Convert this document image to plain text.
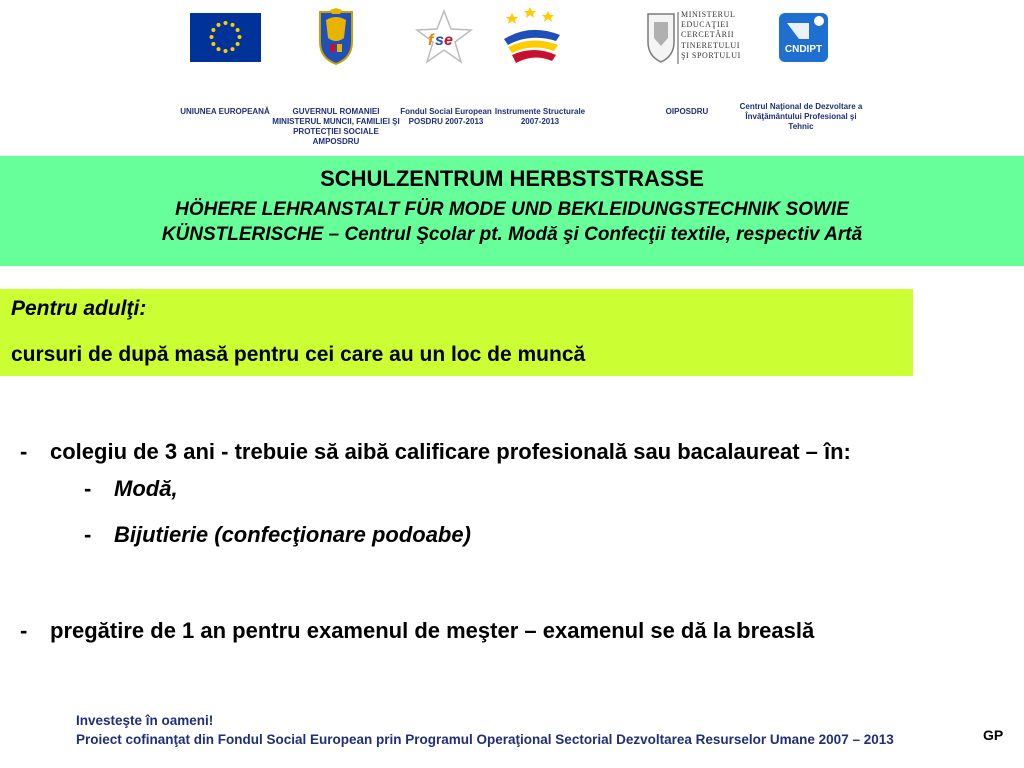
f s e
MINISTERUL
EDUCAŢIEI
CERCETĂRII
TINERETULUI
ŞI SPORTULUI
CNDIPT
UNIUNEA EUROPEANĂ	GUVERNUL ROMANIEI
MINISTERUL MUNCII, FAMILIEI ŞI
PROTECŢIEI SOCIALE
AMPOSDRU
Fondul Social European
POSDRU 2007-2013
Instrumente Structurale
2007-2013
OIPOSDRU
Centrul Naţional de Dezvoltare a
Învăţământului Profesional şi
Tehnic
SCHULZENTRUM HERBSTSTRASSE
HÖHERE LEHRANSTALT FÜR MODE UND BEKLEIDUNGSTECHNIK SOWIE
KÜNSTLERISCHE – Centrul Şcolar pt. Modă şi Confecţii textile, respectiv Artă
Pentru adulţi:
cursuri de după masă pentru cei care au un loc de muncă
- colegiu de 3 ani - trebuie să aibă calificare profesională sau bacalaureat – în:
- Modă,
- Bijutierie (confecţionare podoabe)
- pregătire de 1 an pentru examenul de meşter – examenul se dă la breaslă
Investeşte în oameni!
Proiect cofinanţat din Fondul Social European prin Programul Operaţional Sectorial Dezvoltarea Resurselor Umane 2007 – 2013	GP
